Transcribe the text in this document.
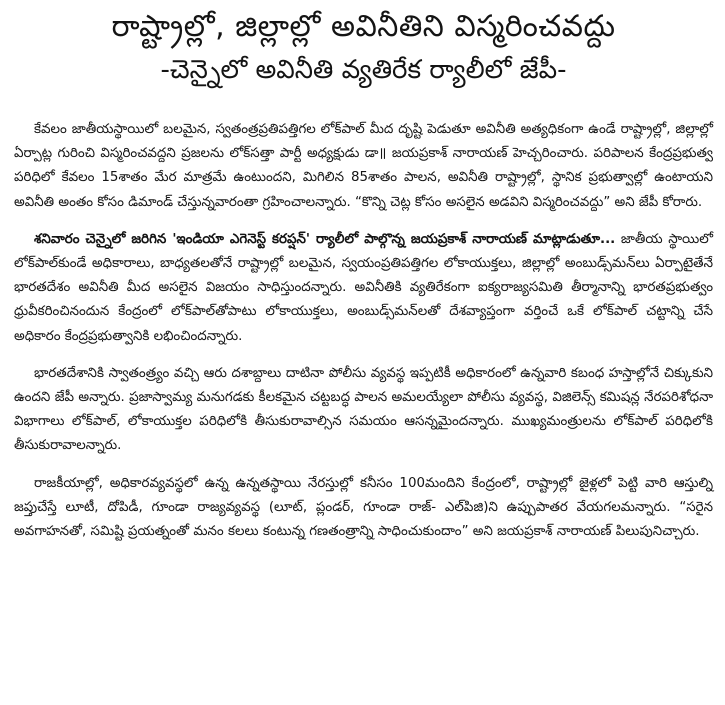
రాష్ట్రాల్లో, జిల్లాల్లో అవినీతిని విస్మరించవద్దు
-చెన్నైలో అవినీతి వ్యతిరేక ర్యాలీలో జేపీ-

కేవలం జాతీయస్థాయిలో బలమైన, స్వతంత్రప్రతిపత్తిగల లోక్‌పాల్ మీద దృష్టి పెడుతూ అవినీతి అత్యధికంగా ఉండే రాష్ట్రాల్లో, జిల్లాల్లో ఏర్పాట్ల గురించి విస్మరించవద్దని ప్రజలను లోక్‌సత్తా పార్టీ అధ్యక్షుడు డా॥ జయప్రకాశ్ నారాయణ్ హెచ్చరించారు. పరిపాలన కేంద్రప్రభుత్వ పరిధిలో కేవలం 15శాతం మేర మాత్రమే ఉంటుందని, మిగిలిన 85శాతం పాలన, అవినీతి రాష్ట్రాల్లో, స్థానిక ప్రభుత్వాల్లో ఉంటాయని అవినీతి అంతం కోసం డిమాండ్ చేస్తున్నవారంతా గ్రహించాలన్నారు. “కొన్ని చెట్ల కోసం అసలైన అడవిని విస్మరించవద్దు” అని జేపీ కోరారు.

శనివారం చెన్నైలో జరిగిన 'ఇండియా ఎగెనెస్ట్ కరప్షన్' ర్యాలీలో పాల్గొన్న జయప్రకాశ్ నారాయణ్ మాట్లాడుతూ... జాతీయ స్థాయిలో లోక్‌పాల్‌కుండే అధికారాలు, బాధ్యతలతోనే రాష్ట్రాల్లో బలమైన, స్వయంప్రతిపత్తిగల లోకాయుక్తలు, జిల్లాల్లో అంబుడ్స్‌మన్‌లు ఏర్పాటైతేనే భారతదేశం అవినీతి మీద అసలైన విజయం సాధిస్తుందన్నారు. అవినీతికి వ్యతిరేకంగా ఐక్యరాజ్యసమితి తీర్మానాన్ని భారతప్రభుత్వం ధ్రువీకరించినందున కేంద్రంలో లోక్‌పాల్‌తోపాటు లోకాయుక్తలు, అంబుడ్స్‌మన్‌లతో దేశవ్యాప్తంగా వర్తించే ఒకే లోక్‌పాల్ చట్టాన్ని చేసే అధికారం కేంద్రప్రభుత్వానికి లభించిందన్నారు.

భారతదేశానికి స్వాతంత్ర్యం వచ్చి ఆరు దశాబ్దాలు దాటినా పోలీసు వ్యవస్థ ఇప్పటికీ అధికారంలో ఉన్నవారి కబంధ హస్తాల్లోనే చిక్కుకుని ఉందని జేపీ అన్నారు. ప్రజాస్వామ్య మనుగడకు కీలకమైన చట్టబద్ధ పాలన అమలయ్యేలా పోలీసు వ్యవస్థ, విజిలెన్స్ కమిషన్ల నేరపరిశోధనా విభాగాలు లోక్‌పాల్, లోకాయుక్తల పరిధిలోకి తీసుకురావాల్సిన సమయం ఆసన్నమైందన్నారు. ముఖ్యమంత్రులను లోక్‌పాల్ పరిధిలోకి తీసుకురావాలన్నారు.

రాజకీయాల్లో, అధికారవ్యవస్థలో ఉన్న ఉన్నతస్థాయి నేరస్తుల్లో కనీసం 100మందిని కేంద్రంలో, రాష్ట్రాల్లో జైళ్లలో పెట్టి వారి ఆస్తుల్ని జప్తుచేస్తే లూటీ, దోపిడీ, గూండా రాజ్యవ్యవస్థ (లూట్, ప్లండర్, గూండా రాజ్- ఎల్‌పిజి)ని ఉప్పుపాతర వేయగలమన్నారు. “సరైన అవగాహనతో, సమిష్టి ప్రయత్నంతో మనం కలలు కంటున్న గణతంత్రాన్ని సాధించుకుందాం” అని జయప్రకాశ్ నారాయణ్ పిలుపునిచ్చారు.
